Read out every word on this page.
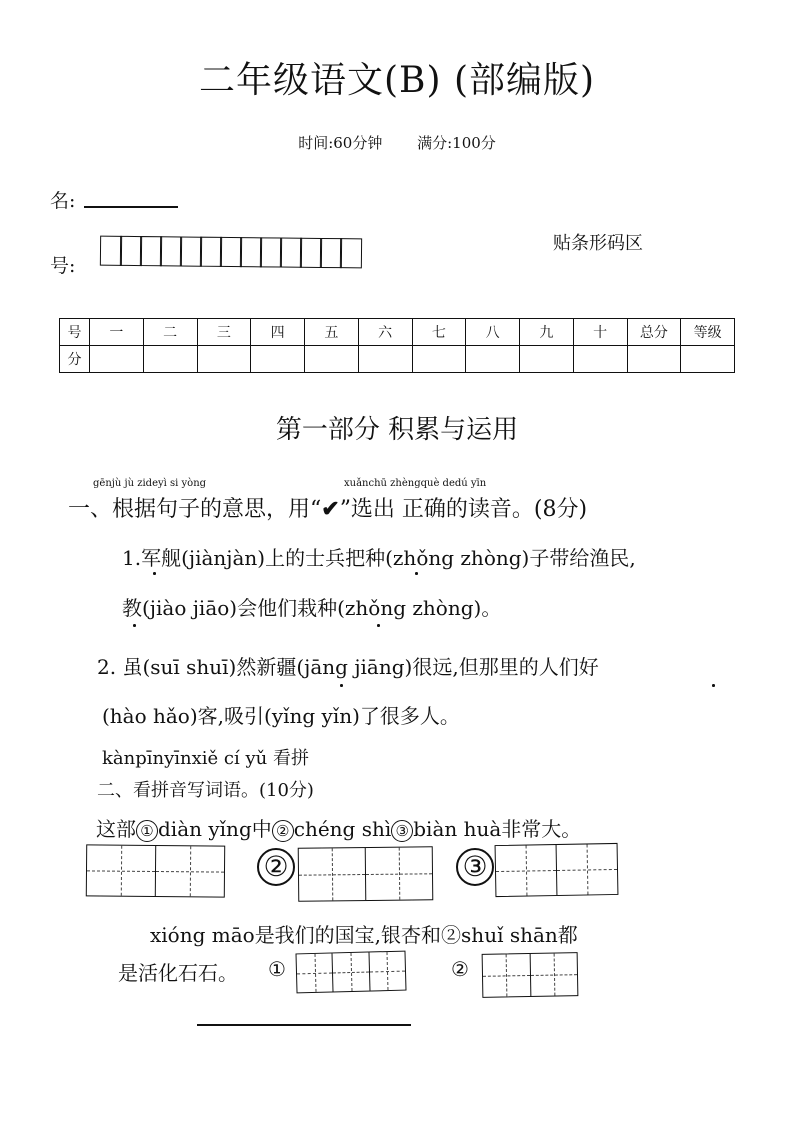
二年级语文(B) (部编版)
时间:60分钟 满分:100分
名:
号:
贴条形码区
号	一	二	三	四	五	六	七	八	九	十	总分	等级
分												
第一部分 积累与运用
gēnjù jù zideyì si yòng	xuǎnchū zhèngquè dedú yīn
一、根据句子的意思，用“✔”选出 正确的读音。(8分)
1.军舰(jiànjàn)上的士兵把种(zhǒng zhòng)子带给渔民,
教(jiào jiāo)会他们栽种(zhǒng zhòng)。
2. 虽(suī shuī)然新疆(jāng jiāng)很远,但那里的人们好
(hào hǎo)客,吸引(yǐng yǐn)了很多人。
kànpīnyīnxiě cí yǔ 看拼
二、看拼音写词语。(10分)
这部 ① diàn yǐng中 ② chéng shì ③ biàn huà非常大。
②	③
xióng māo是我们的国宝,银杏和②shuǐ shān都
是活化石石。 ①	②
